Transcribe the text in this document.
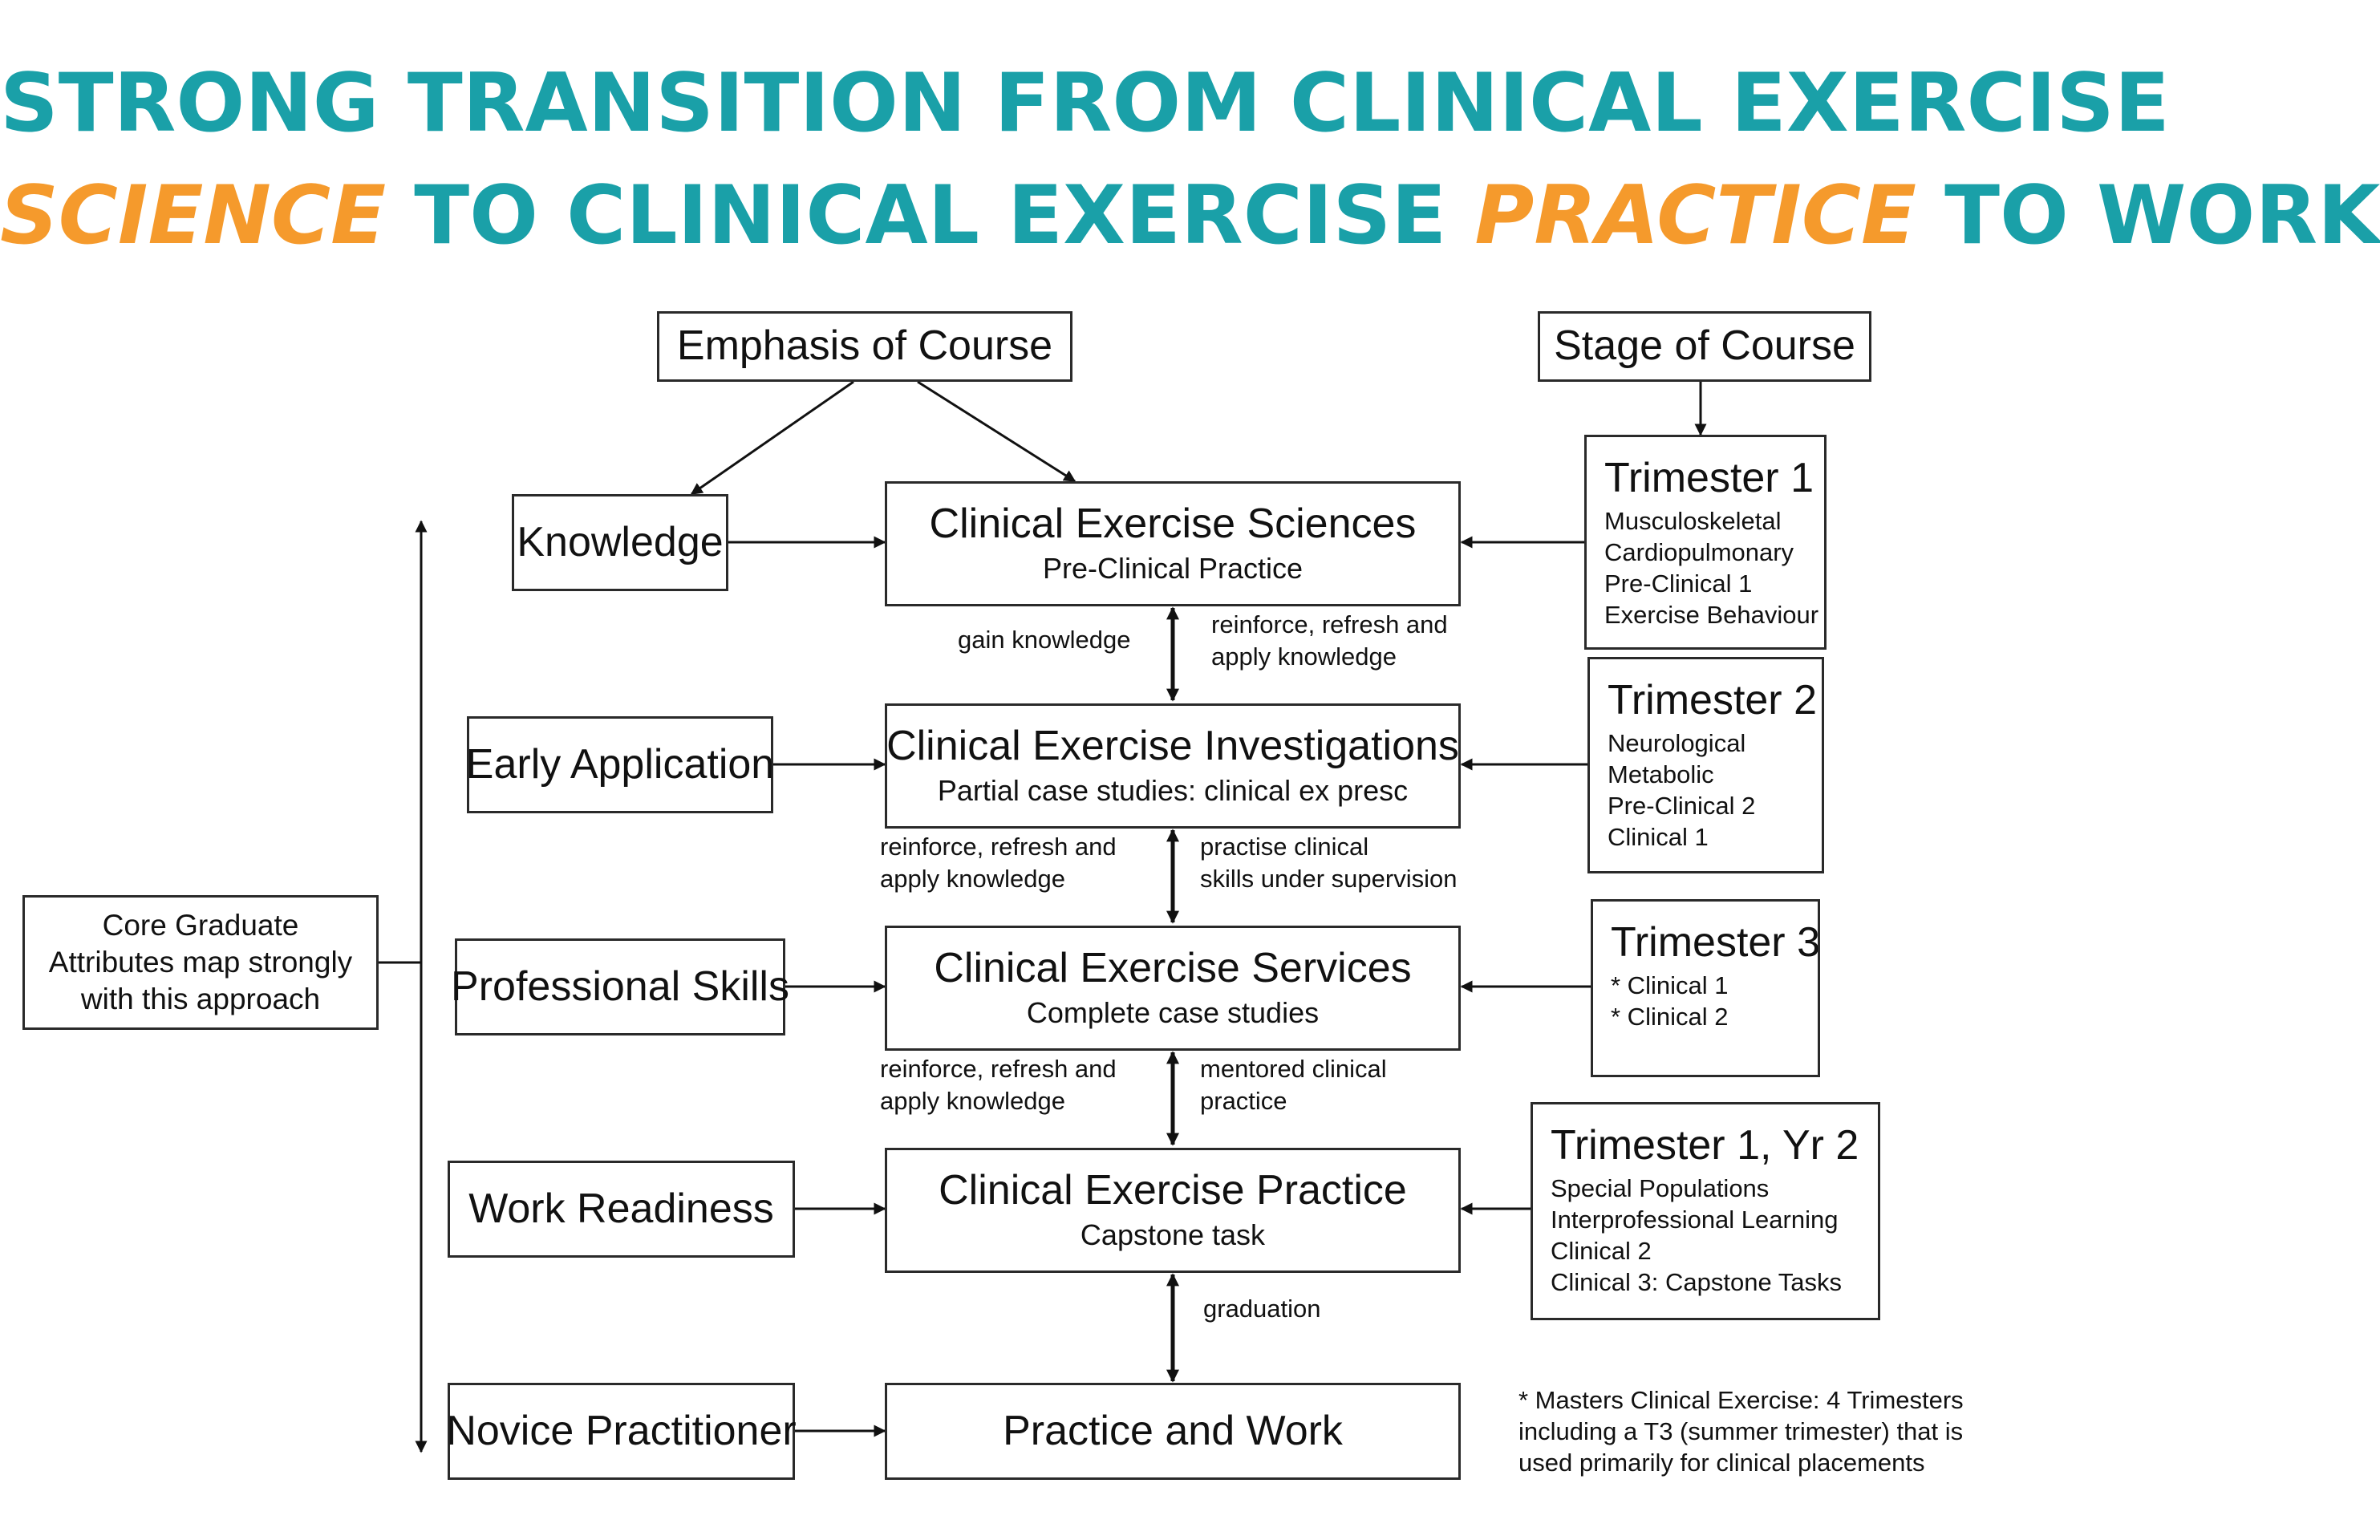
STRONG TRANSITION FROM CLINICAL EXERCISE
SCIENCE TO CLINICAL EXERCISE PRACTICE TO WORK
Emphasis of Course	Stage of Course
Knowledge
Early Application
Professional Skills
Work Readiness
Novice Practitioner
Core Graduate
Attributes map strongly
with this approach
Clinical Exercise Sciences
Pre-Clinical Practice
Clinical Exercise Investigations
Partial case studies: clinical ex presc
Clinical Exercise Services
Complete case studies
Clinical Exercise Practice
Capstone task
Practice and Work
gain knowledge
reinforce, refresh and
apply knowledge
reinforce, refresh and
apply knowledge
practise clinical
skills under supervision
reinforce, refresh and
apply knowledge
mentored clinical
practice
graduation
Trimester 1
Musculoskeletal
Cardiopulmonary
Pre-Clinical 1
Exercise Behaviour
Trimester 2
Neurological
Metabolic
Pre-Clinical 2
Clinical 1
Trimester 3
* Clinical 1
* Clinical 2
Trimester 1, Yr 2
Special Populations
Interprofessional Learning
Clinical 2
Clinical 3: Capstone Tasks
* Masters Clinical Exercise: 4 Trimesters
including a T3 (summer trimester) that is
used primarily for clinical placements
